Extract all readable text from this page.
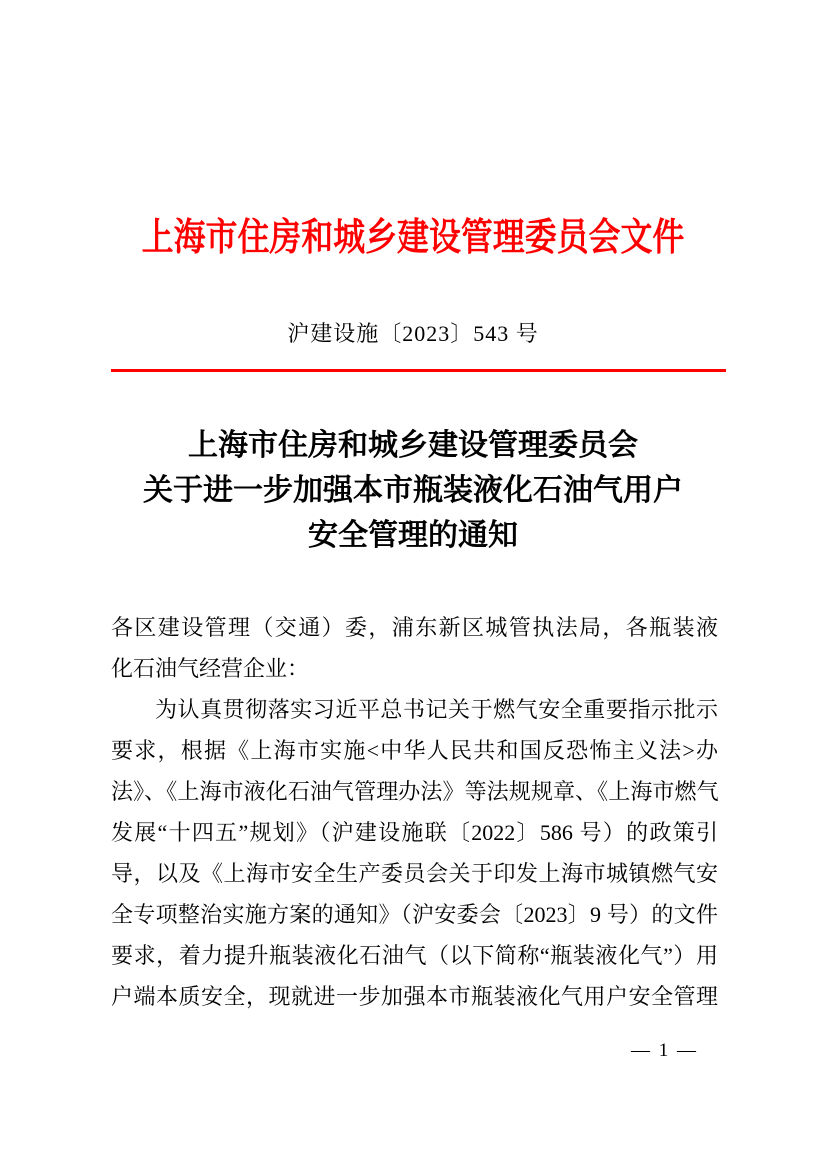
上海市住房和城乡建设管理委员会文件
沪建设施〔2023〕543 号
上海市住房和城乡建设管理委员会
关于进一步加强本市瓶装液化石油气用户
安全管理的通知
各区建设管理（交通）委，浦东新区城管执法局，各瓶装液
化石油气经营企业：
为认真贯彻落实习近平总书记关于燃气安全重要指示批示
要求，根据《上海市实施<中华人民共和国反恐怖主义法>办
法》、《上海市液化石油气管理办法》等法规规章、《上海市燃气
发展“十四五”规划》（沪建设施联〔2022〕586 号）的政策引
导，以及《上海市安全生产委员会关于印发上海市城镇燃气安
全专项整治实施方案的通知》（沪安委会〔2023〕9 号）的文件
要求，着力提升瓶装液化石油气（以下简称“瓶装液化气”）用
户端本质安全，现就进一步加强本市瓶装液化气用户安全管理
— 1 —
